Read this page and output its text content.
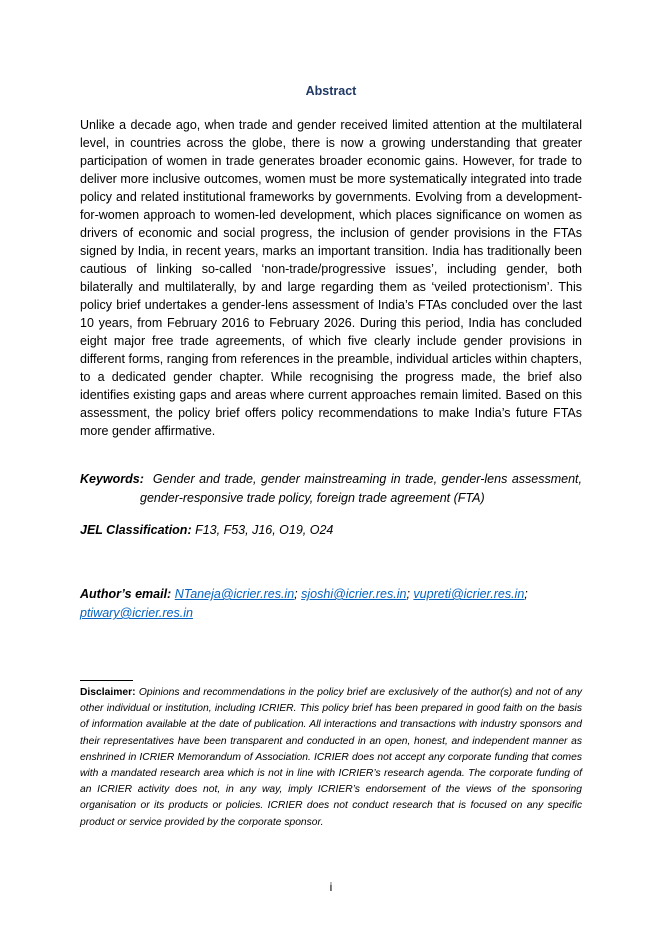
Abstract

Unlike a decade ago, when trade and gender received limited attention at the multilateral level, in countries across the globe, there is now a growing understanding that greater participation of women in trade generates broader economic gains. However, for trade to deliver more inclusive outcomes, women must be more systematically integrated into trade policy and related institutional frameworks by governments. Evolving from a development-for-women approach to women-led development, which places significance on women as drivers of economic and social progress, the inclusion of gender provisions in the FTAs signed by India, in recent years, marks an important transition. India has traditionally been cautious of linking so-called ‘non-trade/progressive issues’, including gender, both bilaterally and multilaterally, by and large regarding them as ‘veiled protectionism’. This policy brief undertakes a gender-lens assessment of India’s FTAs concluded over the last 10 years, from February 2016 to February 2026. During this period, India has concluded eight major free trade agreements, of which five clearly include gender provisions in different forms, ranging from references in the preamble, individual articles within chapters, to a dedicated gender chapter. While recognising the progress made, the brief also identifies existing gaps and areas where current approaches remain limited. Based on this assessment, the policy brief offers policy recommendations to make India’s future FTAs more gender affirmative.

Keywords: Gender and trade, gender mainstreaming in trade, gender-lens assessment, gender-responsive trade policy, foreign trade agreement (FTA)

JEL Classification: F13, F53, J16, O19, O24

Author’s email: NTaneja@icrier.res.in; sjoshi@icrier.res.in; vupreti@icrier.res.in;
ptiwary@icrier.res.in

Disclaimer: Opinions and recommendations in the policy brief are exclusively of the author(s) and not of any other individual or institution, including ICRIER. This policy brief has been prepared in good faith on the basis of information available at the date of publication. All interactions and transactions with industry sponsors and their representatives have been transparent and conducted in an open, honest, and independent manner as enshrined in ICRIER Memorandum of Association. ICRIER does not accept any corporate funding that comes with a mandated research area which is not in line with ICRIER’s research agenda. The corporate funding of an ICRIER activity does not, in any way, imply ICRIER’s endorsement of the views of the sponsoring organisation or its products or policies. ICRIER does not conduct research that is focused on any specific product or service provided by the corporate sponsor.

i
